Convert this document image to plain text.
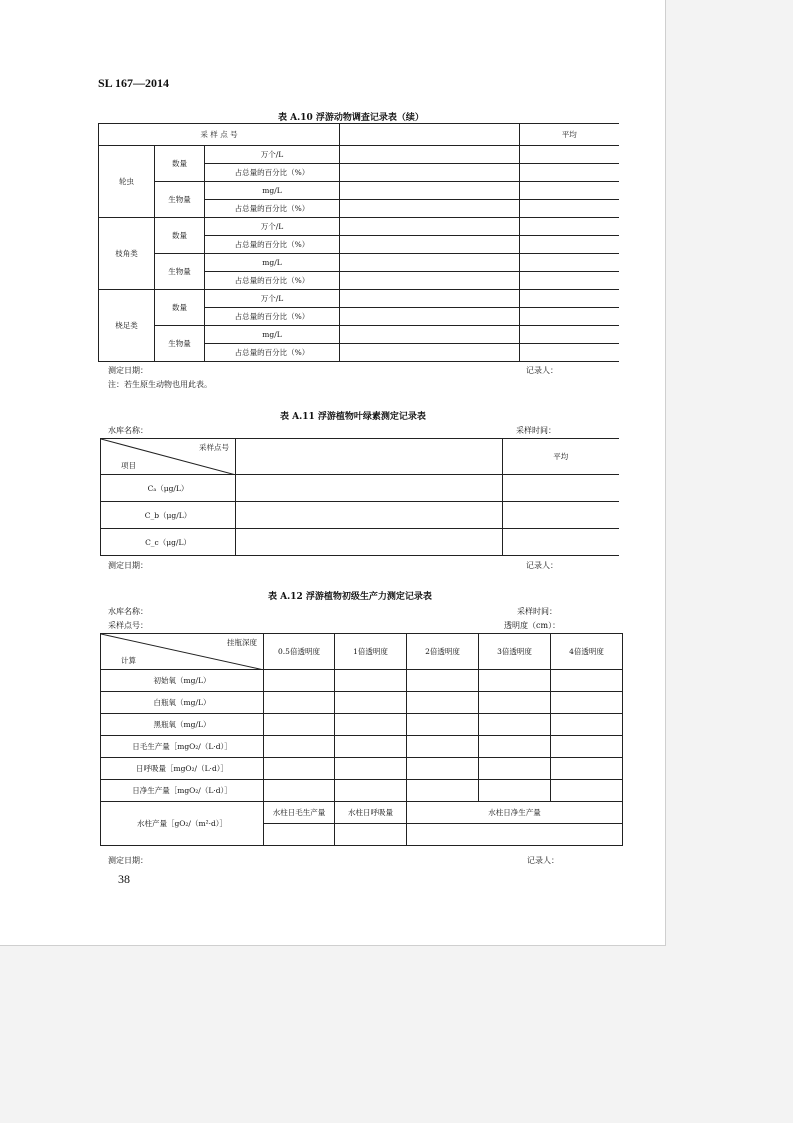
SL 167—2014
表 A.10 浮游动物调查记录表（续）
采 样 点 号				平均
轮虫	数量	万个/L		
		占总量的百分比（%）		
	生物量	mg/L		
		占总量的百分比（%）		
枝角类	数量	万个/L		
		占总量的百分比（%）		
	生物量	mg/L		
		占总量的百分比（%）		
桡足类	数量	万个/L		
		占总量的百分比（%）		
	生物量	mg/L		
		占总量的百分比（%）		
测定日期：	记录人：
注：若生原生动物也用此表。
表 A.11 浮游植物叶绿素测定记录表
水库名称：	采样时间：
采样点号
项目		平均
Cₐ（μg/L）		
C_b（μg/L）		
C_c（μg/L）		
测定日期：	记录人：
表 A.12 浮游植物初级生产力测定记录表
水库名称：	采样时间：
采样点号：	透明度（cm）：
挂瓶深度
计算	0.5倍透明度	1倍透明度	2倍透明度	3倍透明度	4倍透明度
初始氧（mg/L）					
白瓶氧（mg/L）					
黑瓶氧（mg/L）					
日毛生产量［mgO₂/（L·d）］					
日呼吸量［mgO₂/（L·d）］					
日净生产量［mgO₂/（L·d）］					
水柱产量［gO₂/（m²·d）］	水柱日毛生产量	水柱日呼吸量	水柱日净生产量		

测定日期：	记录人：
38
